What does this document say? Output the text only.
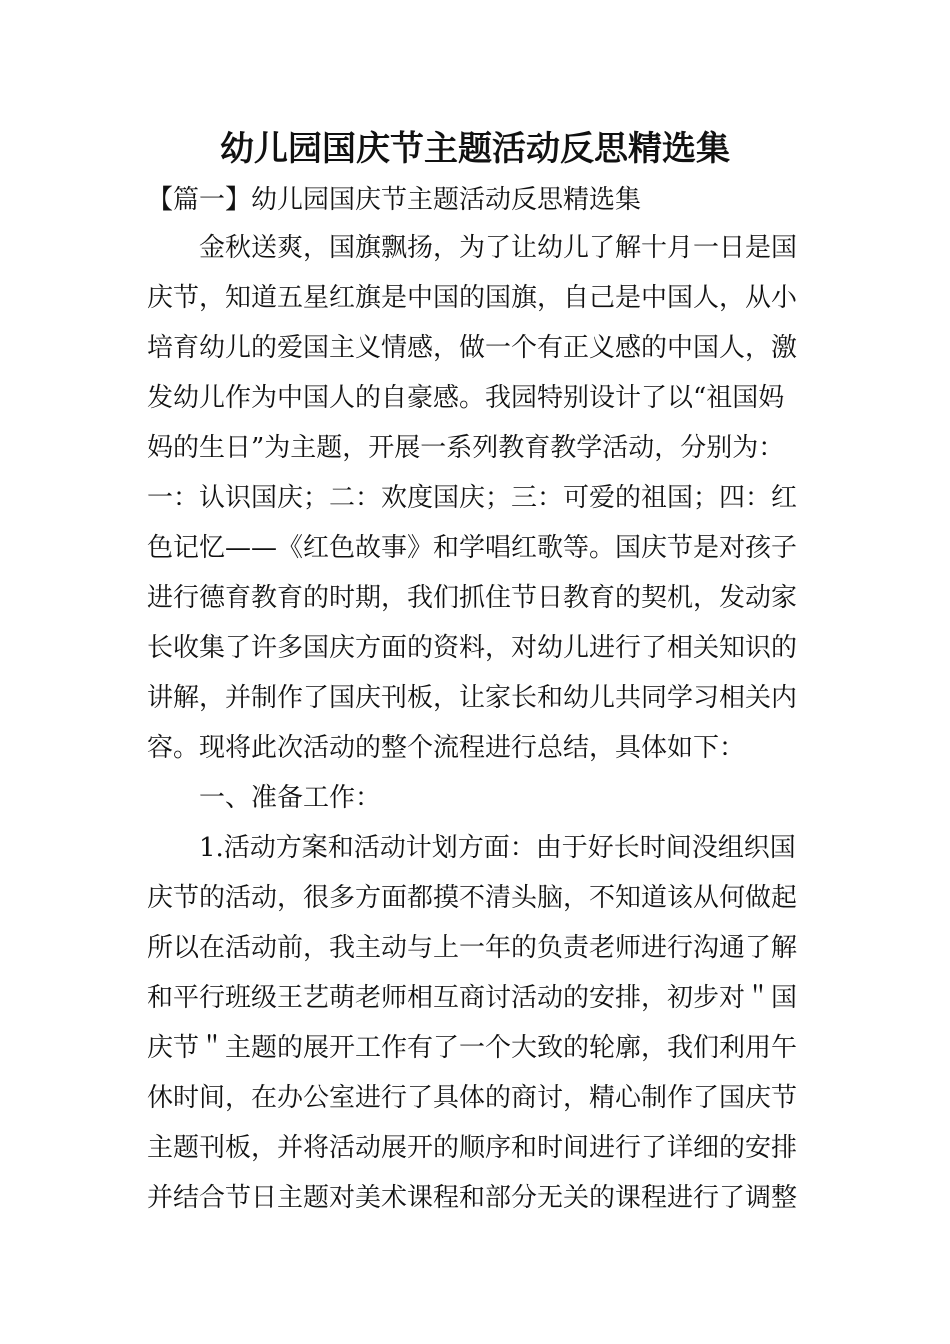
幼儿园国庆节主题活动反思精选集

【篇一】幼儿园国庆节主题活动反思精选集

　　金秋送爽，国旗飘扬，为了让幼儿了解十月一日是国

庆节，知道五星红旗是中国的国旗，自己是中国人，从小

培育幼儿的爱国主义情感，做一个有正义感的中国人，激

发幼儿作为中国人的自豪感。我园特别设计了以“祖国妈

妈的生日”为主题，开展一系列教育教学活动，分别为：

一：认识国庆；二：欢度国庆；三：可爱的祖国；四：红

色记忆——《红色故事》和学唱红歌等。国庆节是对孩子

进行德育教育的时期，我们抓住节日教育的契机，发动家

长收集了许多国庆方面的资料，对幼儿进行了相关知识的

讲解，并制作了国庆刊板，让家长和幼儿共同学习相关内

容。现将此次活动的整个流程进行总结，具体如下：

　　一、准备工作：

　　1.活动方案和活动计划方面：由于好长时间没组织国

庆节的活动，很多方面都摸不清头脑，不知道该从何做起

所以在活动前，我主动与上一年的负责老师进行沟通了解

和平行班级王艺萌老师相互商讨活动的安排，初步对＂国

庆节＂主题的展开工作有了一个大致的轮廓，我们利用午

休时间，在办公室进行了具体的商讨，精心制作了国庆节

主题刊板，并将活动展开的顺序和时间进行了详细的安排

并结合节日主题对美术课程和部分无关的课程进行了调整
